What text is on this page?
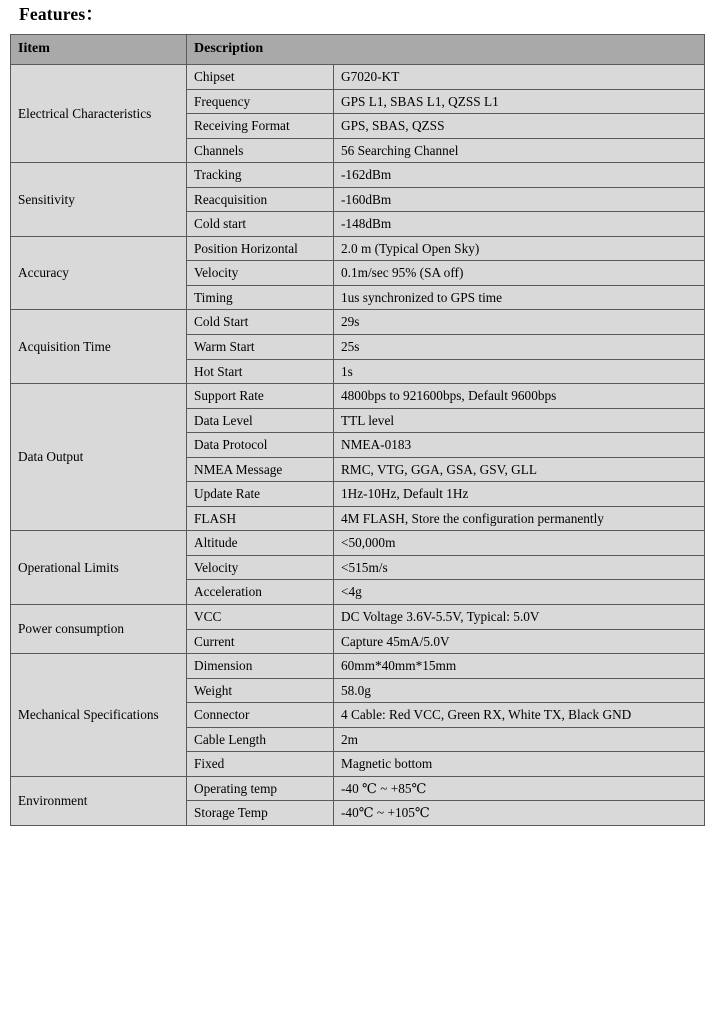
Features：
Iitem	Description	
Electrical Characteristics	Chipset	G7020-KT
	Frequency	GPS L1, SBAS L1, QZSS L1
	Receiving Format	GPS, SBAS, QZSS
	Channels	56 Searching Channel
Sensitivity	Tracking	-162dBm
	Reacquisition	-160dBm
	Cold start	-148dBm
Accuracy	Position Horizontal	2.0 m (Typical Open Sky)
	Velocity	0.1m/sec 95% (SA off)
	Timing	1us synchronized to GPS time
Acquisition Time	Cold Start	29s
	Warm Start	25s
	Hot Start	1s
Data Output	Support Rate	4800bps to 921600bps, Default 9600bps
	Data Level	TTL level
	Data Protocol	NMEA-0183
	NMEA Message	RMC, VTG, GGA, GSA, GSV, GLL
	Update Rate	1Hz-10Hz, Default 1Hz
	FLASH	4M FLASH, Store the configuration permanently
Operational Limits	Altitude	<50,000m
	Velocity	<515m/s
	Acceleration	<4g
Power consumption	VCC	DC Voltage 3.6V-5.5V, Typical: 5.0V
	Current	Capture 45mA/5.0V
Mechanical Specifications	Dimension	60mm*40mm*15mm
	Weight	58.0g
	Connector	4 Cable: Red VCC, Green RX, White TX, Black GND
	Cable Length	2m
	Fixed	Magnetic bottom
Environment	Operating temp	-40 ℃ ~ +85℃
	Storage Temp	-40℃ ~ +105℃
